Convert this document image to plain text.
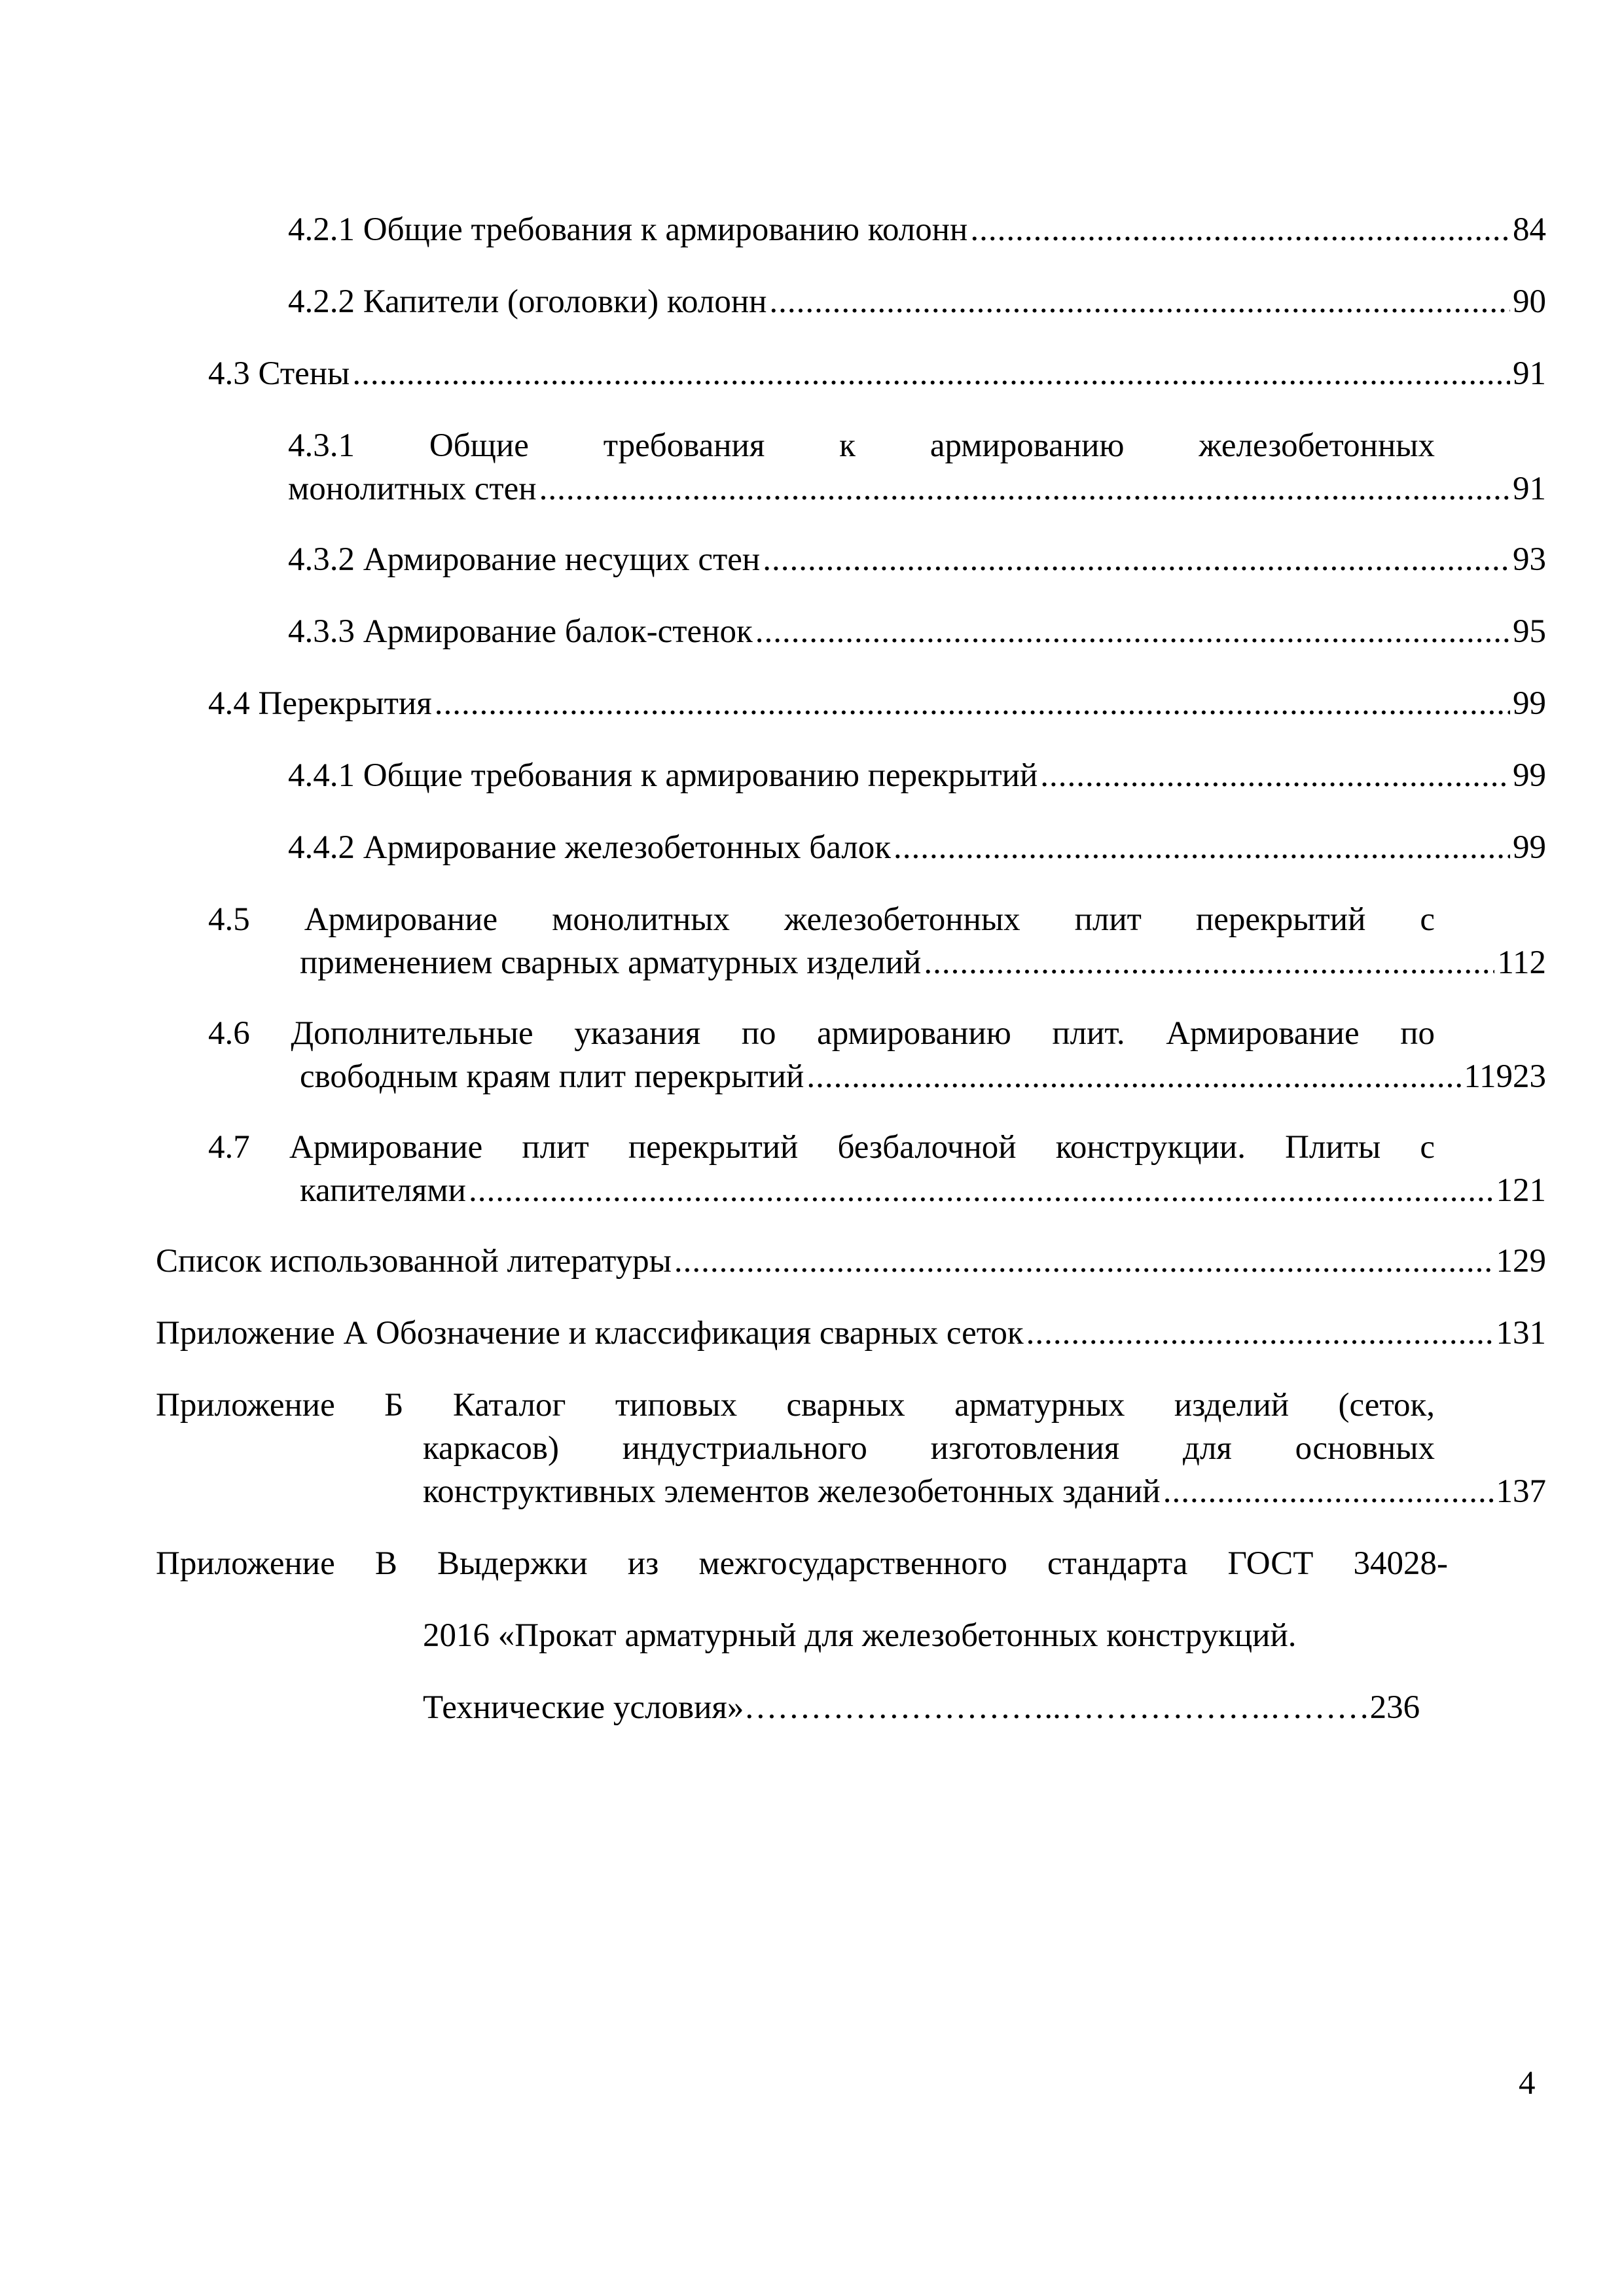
4.2.1 Общие требования к армированию колонн .....	84
4.2.2 Капители (оголовки) колонн .....	90
4.3 Стены .....	91
4.3.1 Общие требования к армированию железобетонных
монолитных стен .....	91
4.3.2 Армирование несущих стен .....	93
4.3.3 Армирование балок-стенок .....	95
4.4 Перекрытия .....	99
4.4.1 Общие требования к армированию перекрытий .....	99
4.4.2 Армирование железобетонных балок .....	99
4.5 Армирование монолитных железобетонных плит перекрытий с
применением сварных арматурных изделий .....	112
4.6 Дополнительные указания по армированию плит. Армирование по
свободным краям плит перекрытий .....	11923
4.7 Армирование плит перекрытий безбалочной конструкции. Плиты с
капителями .....	121
Список использованной литературы .....	129
Приложение А Обозначение и классификация сварных сеток .....	131
Приложение Б Каталог типовых сварных арматурных изделий (сеток,
каркасов) индустриального изготовления для основных
конструктивных элементов железобетонных зданий .....	137
Приложение В Выдержки из межгосударственного стандарта ГОСТ 34028-
2016 «Прокат арматурный для железобетонных конструкций.
Технические условия»………………………..……………….………236
4
